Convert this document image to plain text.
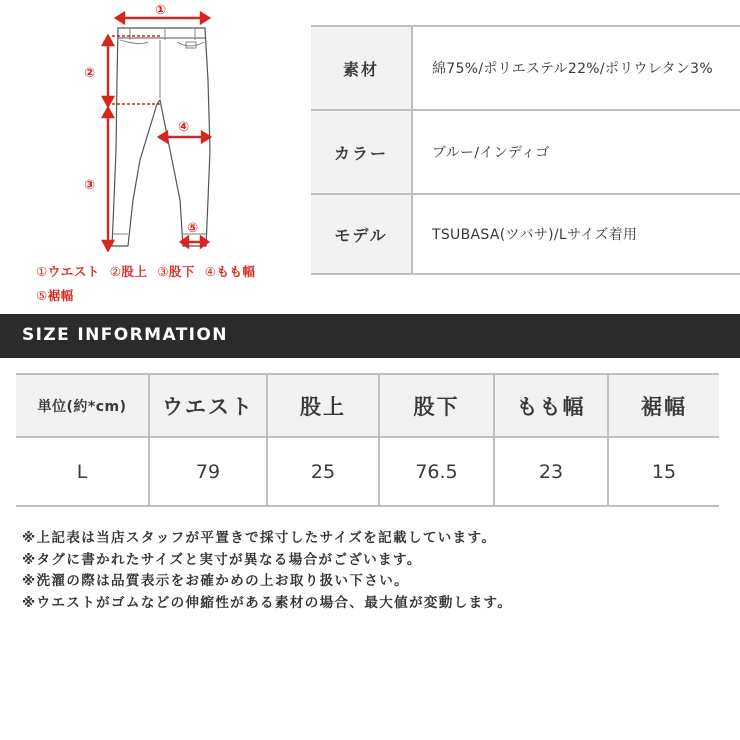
①
②
③
④
⑤
①ウエスト ②股上 ③股下 ④もも幅
⑤裾幅
素材	綿75%/ポリエステル22%/ポリウレタン3%
カラー	ブルー/インディゴ
モデル	TSUBASA(ツバサ)/Lサイズ着用
SIZE INFORMATION
単位(約*cm)	ウエスト	股上	股下	もも幅	裾幅
L	79	25	76.5	23	15
※上記表は当店スタッフが平置きで採寸したサイズを記載しています。
※タグに書かれたサイズと実寸が異なる場合がございます。
※洗濯の際は品質表示をお確かめの上お取り扱い下さい。
※ウエストがゴムなどの伸縮性がある素材の場合、最大値が変動します。
